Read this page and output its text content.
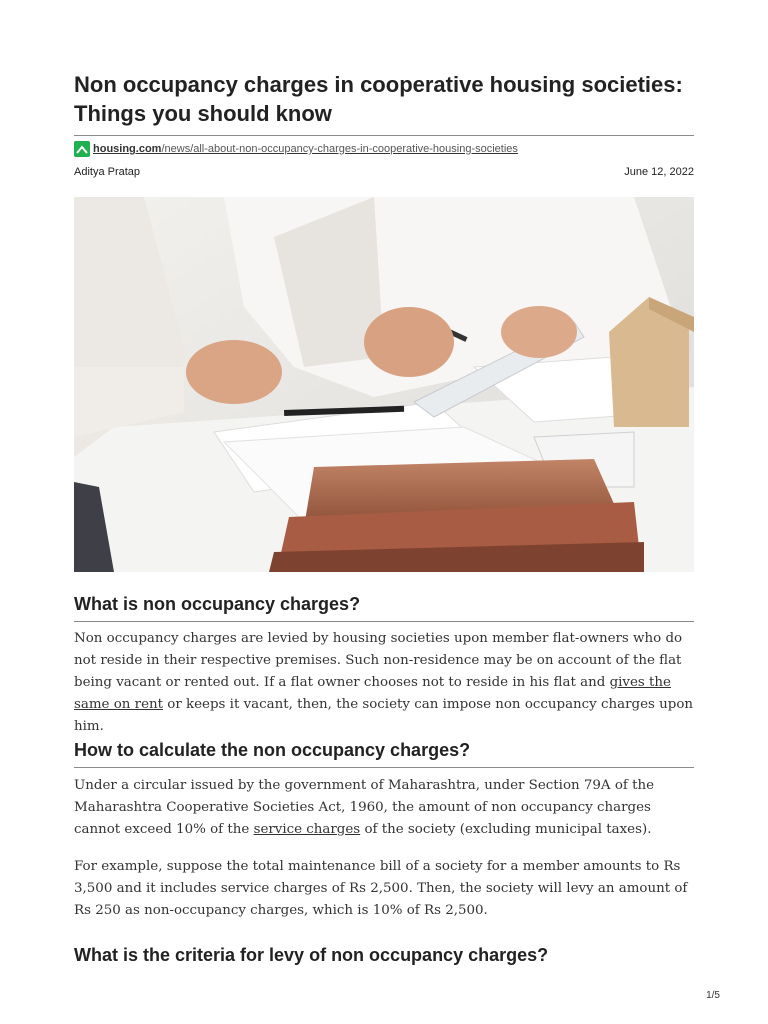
Non occupancy charges in cooperative housing societies: Things you should know
housing.com/news/all-about-non-occupancy-charges-in-cooperative-housing-societies
Aditya Pratap	June 12, 2022
What is non occupancy charges?

Non occupancy charges are levied by housing societies upon member flat-owners who do not reside in their respective premises. Such non-residence may be on account of the flat being vacant or rented out. If a flat owner chooses not to reside in his flat and gives the same on rent or keeps it vacant, then, the society can impose non occupancy charges upon him.

How to calculate the non occupancy charges?

Under a circular issued by the government of Maharashtra, under Section 79A of the Maharashtra Cooperative Societies Act, 1960, the amount of non occupancy charges cannot exceed 10% of the service charges of the society (excluding municipal taxes).

For example, suppose the total maintenance bill of a society for a member amounts to Rs 3,500 and it includes service charges of Rs 2,500. Then, the society will levy an amount of Rs 250 as non-occupancy charges, which is 10% of Rs 2,500.

What is the criteria for levy of non occupancy charges?
1/5
